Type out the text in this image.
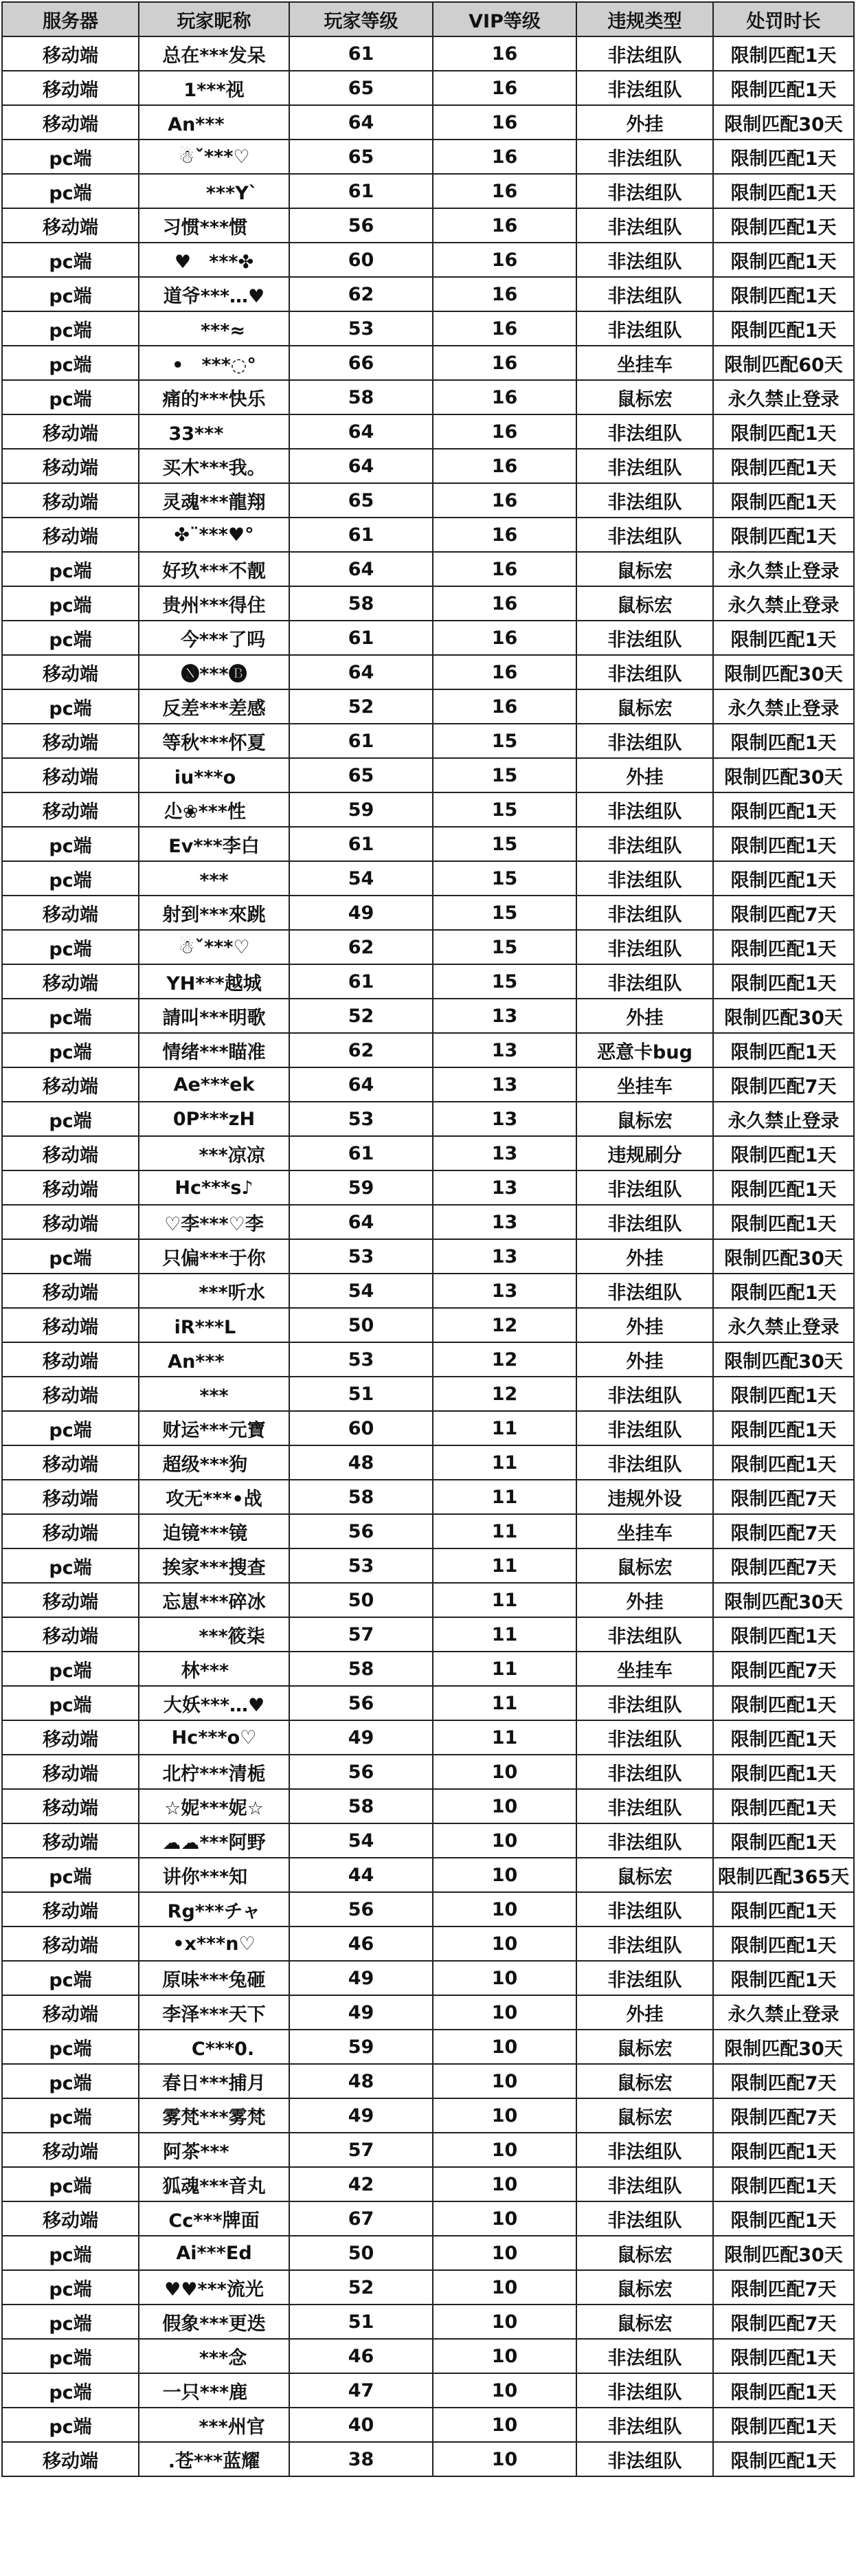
服务器	玩家昵称	玩家等级	VIP等级	违规类型	处罚时长
移动端	总在***发呆	61	16	非法组队	限制匹配1天
移动端	ㅤ1***视ㅤ	65	16	非法组队	限制匹配1天
移动端	An***ㅤㅤ	64	16	外挂	限制匹配30天
pc端	☃ˇ***♡	65	16	非法组队	限制匹配1天
pc端	ㅤㅤ***Y`	61	16	非法组队	限制匹配1天
移动端	习惯***惯ㅤ	56	16	非法组队	限制匹配1天
pc端	♥ㅤ***✤	60	16	非法组队	限制匹配1天
pc端	道爷***…♥	62	16	非法组队	限制匹配1天
pc端	ㅤㅤ***≈ㅤ	53	16	非法组队	限制匹配1天
pc端	•ㅤ***◌°	66	16	坐挂车	限制匹配60天
pc端	痛的***快乐	58	16	鼠标宏	永久禁止登录
移动端	33***ㅤㅤ	64	16	非法组队	限制匹配1天
移动端	买木***我。	64	16	非法组队	限制匹配1天
移动端	灵魂***龍翔	65	16	非法组队	限制匹配1天
移动端	✤¨***♥°	61	16	非法组队	限制匹配1天
pc端	好玖***不靓	64	16	鼠标宏	永久禁止登录
pc端	贵州***得住	58	16	鼠标宏	永久禁止登录
pc端	ㅤ今***了吗	61	16	非法组队	限制匹配1天
移动端	🅝***🅑	64	16	非法组队	限制匹配30天
pc端	反差***差感	52	16	鼠标宏	永久禁止登录
移动端	等秋***怀夏	61	15	非法组队	限制匹配1天
移动端	iu***oㅤ	65	15	外挂	限制匹配30天
移动端	尐❀***性ㅤ	59	15	非法组队	限制匹配1天
pc端	Ev***李白	61	15	非法组队	限制匹配1天
pc端	ㅤㅤ***ㅤㅤ	54	15	非法组队	限制匹配1天
移动端	射到***來跳	49	15	非法组队	限制匹配7天
pc端	☃ˇ***♡	62	15	非法组队	限制匹配1天
移动端	YH***越城	61	15	非法组队	限制匹配1天
pc端	請叫***明歌	52	13	外挂	限制匹配30天
pc端	情绪***瞄准	62	13	恶意卡bug	限制匹配1天
移动端	Ae***ek	64	13	坐挂车	限制匹配7天
pc端	0P***zH	53	13	鼠标宏	永久禁止登录
移动端	ㅤㅤ***凉凉	61	13	违规刷分	限制匹配1天
移动端	Hc***s♪	59	13	非法组队	限制匹配1天
移动端	♡李***♡李	64	13	非法组队	限制匹配1天
pc端	只偏***于你	53	13	外挂	限制匹配30天
移动端	ㅤㅤ***听水	54	13	非法组队	限制匹配1天
移动端	iR***Lㅤ	50	12	外挂	永久禁止登录
移动端	An***ㅤㅤ	53	12	外挂	限制匹配30天
移动端	ㅤㅤ***ㅤㅤ	51	12	非法组队	限制匹配1天
pc端	财运***元寶	60	11	非法组队	限制匹配1天
移动端	超级***狗ㅤ	48	11	非法组队	限制匹配1天
移动端	攻无***•战	58	11	违规外设	限制匹配7天
移动端	迫镜***镜ㅤ	56	11	坐挂车	限制匹配7天
pc端	挨家***搜查	53	11	鼠标宏	限制匹配7天
移动端	忘崽***碎冰	50	11	外挂	限制匹配30天
移动端	ㅤㅤ***筱柒	57	11	非法组队	限制匹配1天
pc端	ㅤ林***ㅤㅤ	58	11	坐挂车	限制匹配7天
pc端	大妖***…♥	56	11	非法组队	限制匹配1天
移动端	Hc***o♡	49	11	非法组队	限制匹配1天
移动端	北柠***清栀	56	10	非法组队	限制匹配1天
移动端	☆妮***妮☆	58	10	非法组队	限制匹配1天
移动端	☁☁***阿野	54	10	非法组队	限制匹配1天
pc端	讲你***知ㅤ	44	10	鼠标宏	限制匹配365天
移动端	Rg***チャ	56	10	非法组队	限制匹配1天
移动端	•x***n♡	46	10	非法组队	限制匹配1天
pc端	原味***兔砸	49	10	非法组队	限制匹配1天
移动端	李泽***天下	49	10	外挂	永久禁止登录
pc端	ㅤC***0.	59	10	鼠标宏	限制匹配30天
pc端	春日***捕月	48	10	鼠标宏	限制匹配7天
pc端	雾梵***雾梵	49	10	鼠标宏	限制匹配7天
移动端	阿茶***ㅤㅤ	57	10	非法组队	限制匹配1天
pc端	狐魂***音丸	42	10	非法组队	限制匹配1天
移动端	Cc***牌面	67	10	非法组队	限制匹配1天
pc端	Ai***Ed	50	10	鼠标宏	限制匹配30天
pc端	♥♥***流光	52	10	鼠标宏	限制匹配7天
pc端	假象***更迭	51	10	鼠标宏	限制匹配7天
pc端	ㅤㅤ***念ㅤ	46	10	非法组队	限制匹配1天
pc端	一只***鹿ㅤ	47	10	非法组队	限制匹配1天
pc端	ㅤㅤ***州官	40	10	非法组队	限制匹配1天
移动端	.苍***蓝耀	38	10	非法组队	限制匹配1天
